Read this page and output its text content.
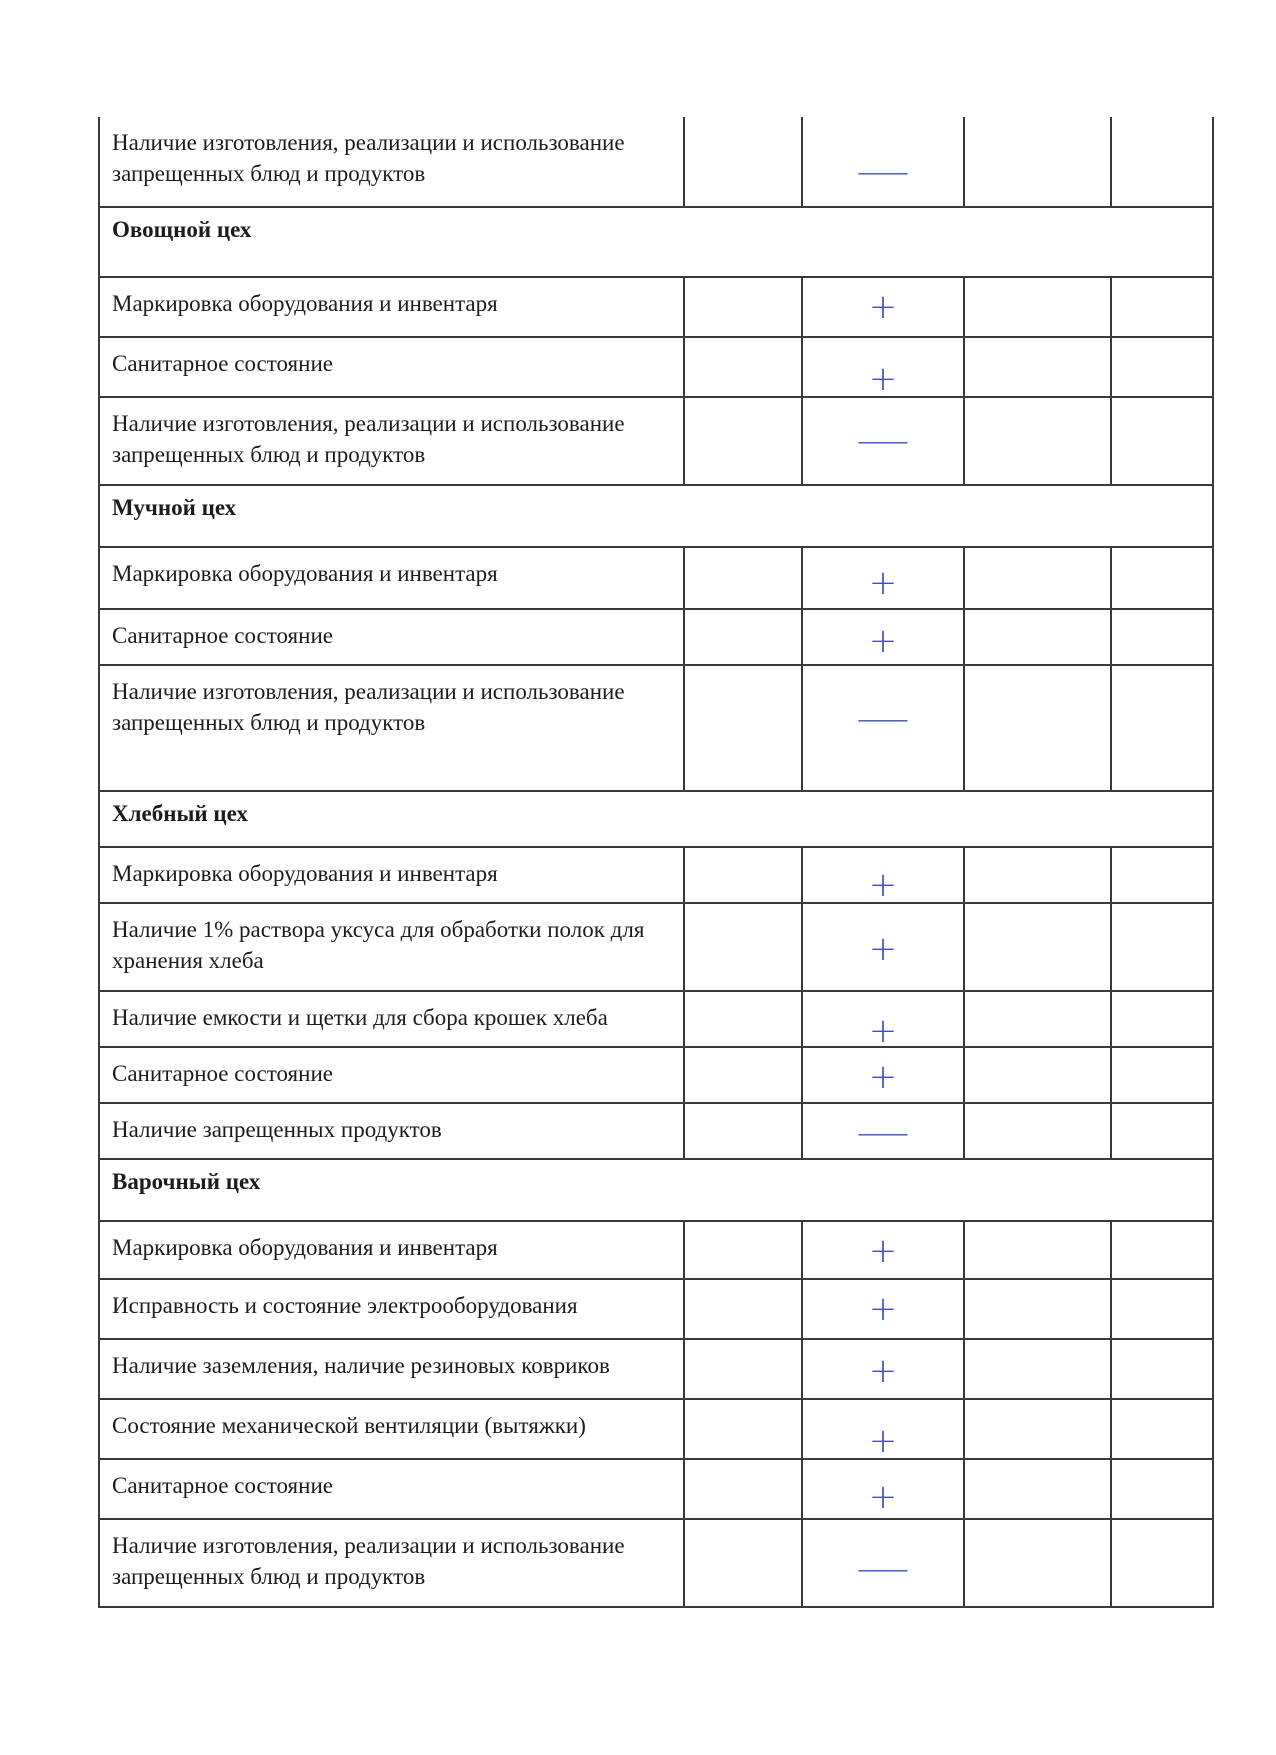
Наличие изготовления, реализации и использование запрещенных блюд и продуктов		—		

Овощной цех				
Маркировка оборудования и инвентаря		+		

Санитарное состояние		+		

Наличие изготовления, реализации и использование запрещенных блюд и продуктов		—		

Мучной цех				
Маркировка оборудования и инвентаря		+		

Санитарное состояние		+		

Наличие изготовления, реализации и использование запрещенных блюд и продуктов		—		

Хлебный цех				
Маркировка оборудования и инвентаря		+		

Наличие 1% раствора уксуса для обработки полок для хранения хлеба		+		

Наличие емкости и щетки для сбора крошек хлеба		+		

Санитарное состояние		+		

Наличие запрещенных продуктов		—		

Варочный цех				
Маркировка оборудования и инвентаря		+		

Исправность и состояние электрооборудования		+		

Наличие заземления, наличие резиновых ковриков		+		

Состояние механической вентиляции (вытяжки)		+		

Санитарное состояние		+		

Наличие изготовления, реализации и использование запрещенных блюд и продуктов		—		
